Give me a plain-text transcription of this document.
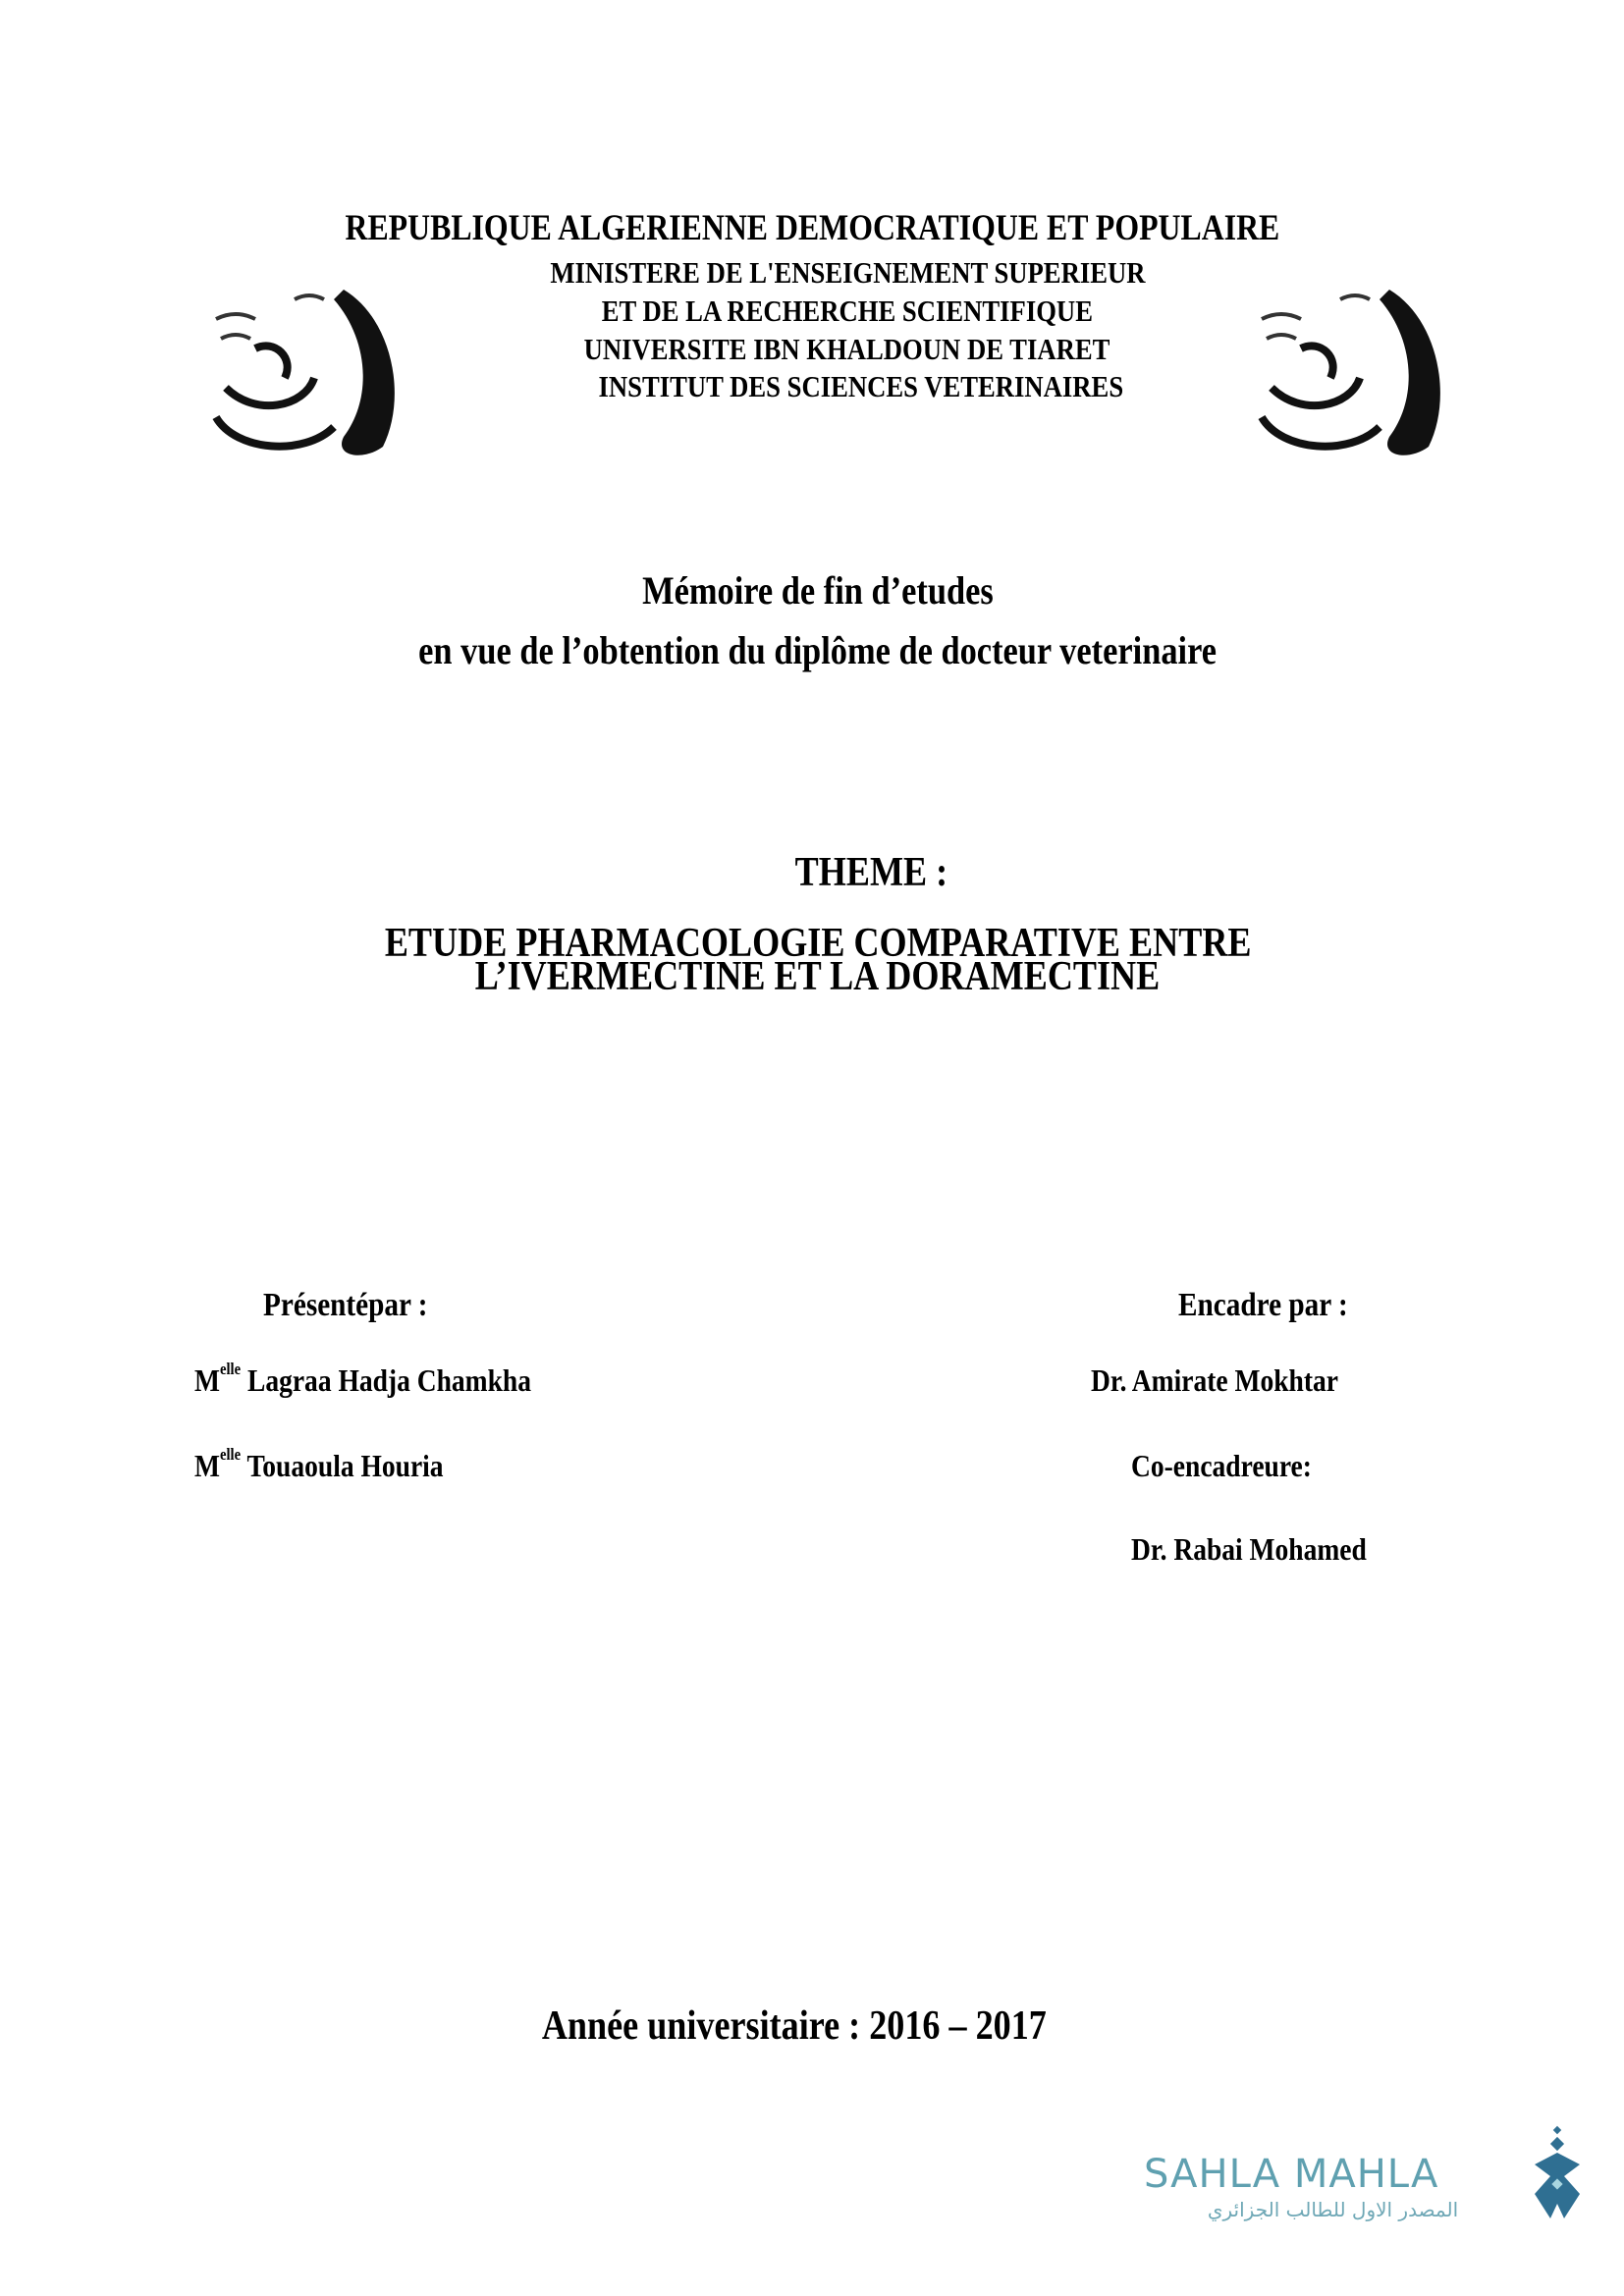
REPUBLIQUE ALGERIENNE DEMOCRATIQUE ET POPULAIRE
MINISTERE DE L'ENSEIGNEMENT SUPERIEUR
ET DE LA RECHERCHE SCIENTIFIQUE
UNIVERSITE IBN KHALDOUN DE TIARET
INSTITUT DES SCIENCES VETERINAIRES
Mémoire de fin d’etudes
en vue de l’obtention du diplôme de docteur veterinaire
THEME :
ETUDE PHARMACOLOGIE COMPARATIVE ENTRE
L’IVERMECTINE ET LA DORAMECTINE
Présentépar :
$M^{elle}$ Lagraa Hadja Chamkha
$M^{elle}$ Touaoula Houria
Encadre par :
Dr. Amirate Mokhtar
Co-encadreure:
Dr. Rabai Mohamed
Année universitaire : 2016 – 2017
SAHLA MAHLA
المصدر الاول للطالب الجزائري
